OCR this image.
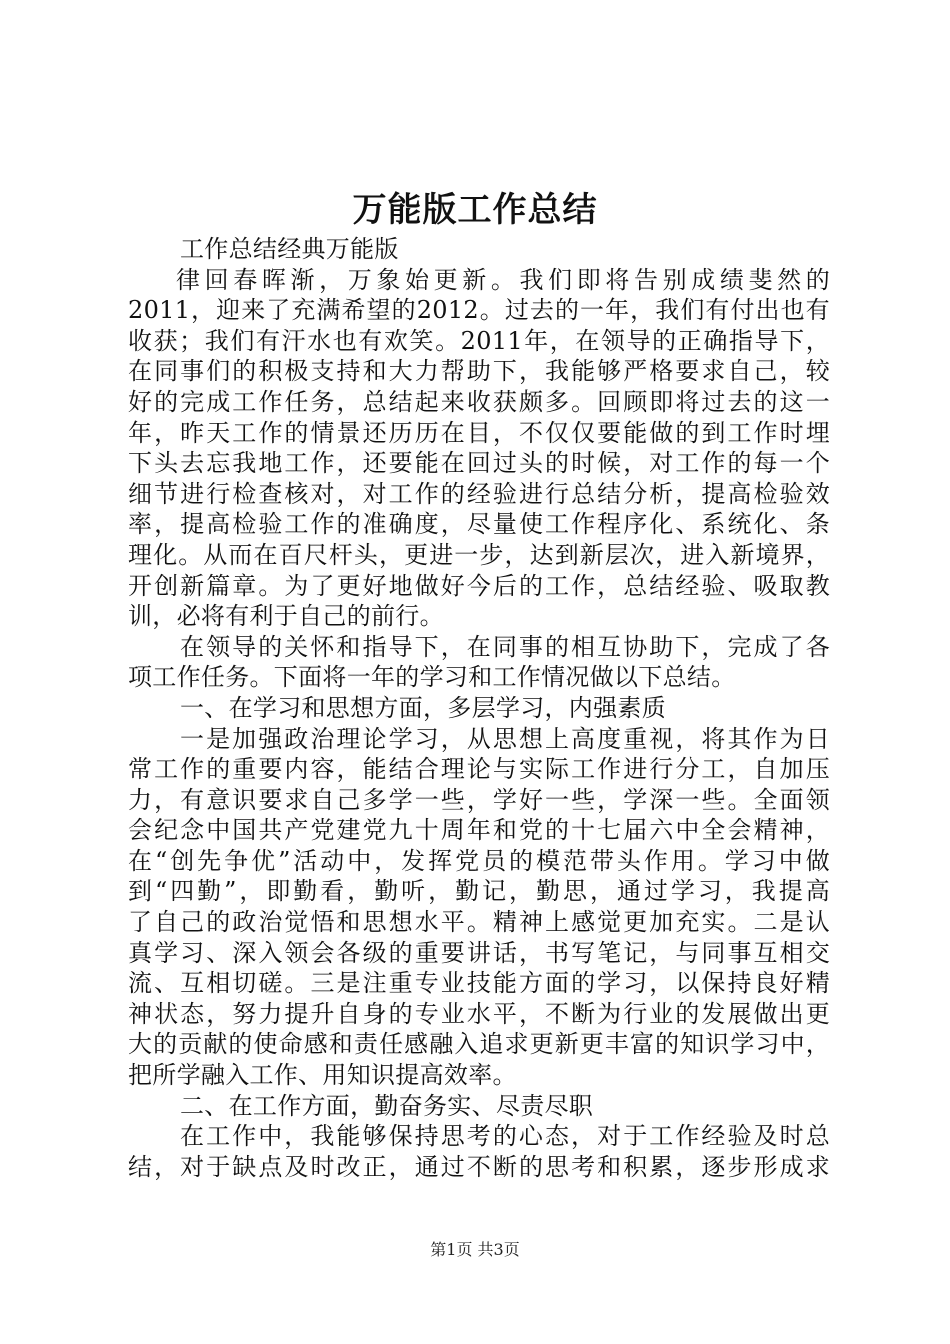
万能版工作总结
工作总结经典万能版
律回春晖渐，万象始更新。我们即将告别成绩斐然的
2011，迎来了充满希望的2012。过去的一年，我们有付出也有
收获；我们有汗水也有欢笑。2011年，在领导的正确指导下，
在同事们的积极支持和大力帮助下，我能够严格要求自己，较
好的完成工作任务，总结起来收获颇多。回顾即将过去的这一
年，昨天工作的情景还历历在目，不仅仅要能做的到工作时埋
下头去忘我地工作，还要能在回过头的时候，对工作的每一个
细节进行检查核对，对工作的经验进行总结分析，提高检验效
率，提高检验工作的准确度，尽量使工作程序化、系统化、条
理化。从而在百尺杆头，更进一步，达到新层次，进入新境界，
开创新篇章。为了更好地做好今后的工作，总结经验、吸取教
训，必将有利于自己的前行。
在领导的关怀和指导下，在同事的相互协助下，完成了各
项工作任务。下面将一年的学习和工作情况做以下总结。
一、在学习和思想方面，多层学习，内强素质
一是加强政治理论学习，从思想上高度重视，将其作为日
常工作的重要内容，能结合理论与实际工作进行分工，自加压
力，有意识要求自己多学一些，学好一些，学深一些。全面领
会纪念中国共产党建党九十周年和党的十七届六中全会精神，
在“创先争优”活动中，发挥党员的模范带头作用。学习中做
到“四勤”，即勤看，勤听，勤记，勤思，通过学习，我提高
了自己的政治觉悟和思想水平。精神上感觉更加充实。二是认
真学习、深入领会各级的重要讲话，书写笔记，与同事互相交
流、互相切磋。三是注重专业技能方面的学习，以保持良好精
神状态，努力提升自身的专业水平，不断为行业的发展做出更
大的贡献的使命感和责任感融入追求更新更丰富的知识学习中，
把所学融入工作、用知识提高效率。
二、在工作方面，勤奋务实、尽责尽职
在工作中，我能够保持思考的心态，对于工作经验及时总
结，对于缺点及时改正，通过不断的思考和积累，逐步形成求
第1页 共3页
